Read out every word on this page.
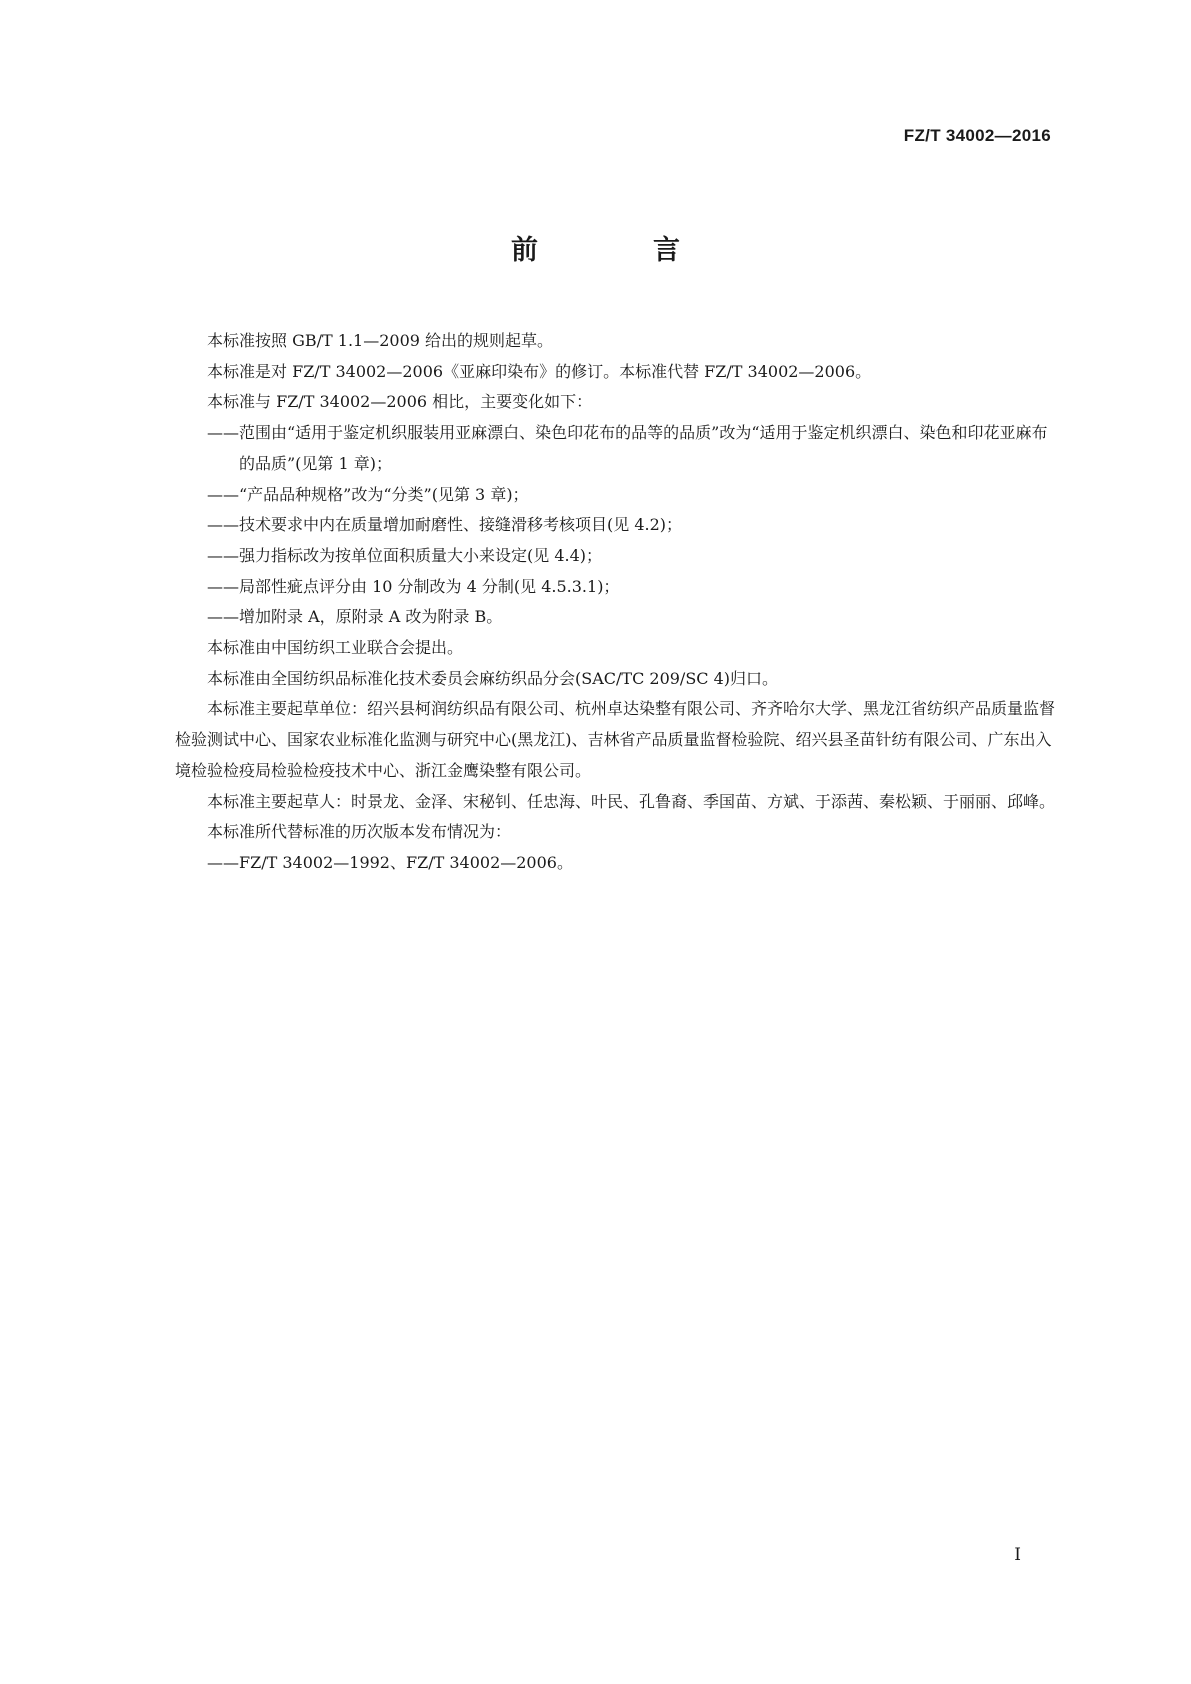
FZ/T 34002—2016
前　言

本标准按照 GB/T 1.1—2009 给出的规则起草。

本标准是对 FZ/T 34002—2006《亚麻印染布》的修订。本标准代替 FZ/T 34002—2006。

本标准与 FZ/T 34002—2006 相比，主要变化如下：

——范围由“适用于鉴定机织服装用亚麻漂白、染色印花布的品等的品质”改为“适用于鉴定机织漂白、染色和印花亚麻布的品质”(见第 1 章)；

——“产品品种规格”改为“分类”(见第 3 章)；

——技术要求中内在质量增加耐磨性、接缝滑移考核项目(见 4.2)；

——强力指标改为按单位面积质量大小来设定(见 4.4)；

——局部性疵点评分由 10 分制改为 4 分制(见 4.5.3.1)；

——增加附录 A，原附录 A 改为附录 B。

本标准由中国纺织工业联合会提出。

本标准由全国纺织品标准化技术委员会麻纺织品分会(SAC/TC 209/SC 4)归口。

本标准主要起草单位：绍兴县柯润纺织品有限公司、杭州卓达染整有限公司、齐齐哈尔大学、黑龙江省纺织产品质量监督检验测试中心、国家农业标准化监测与研究中心(黑龙江)、吉林省产品质量监督检验院、绍兴县圣苗针纺有限公司、广东出入境检验检疫局检验检疫技术中心、浙江金鹰染整有限公司。

本标准主要起草人：时景龙、金泽、宋秘钊、任忠海、叶民、孔鲁裔、季国苗、方斌、于添茜、秦松颖、于丽丽、邱峰。

本标准所代替标准的历次版本发布情况为：

——FZ/T 34002—1992、FZ/T 34002—2006。

I
